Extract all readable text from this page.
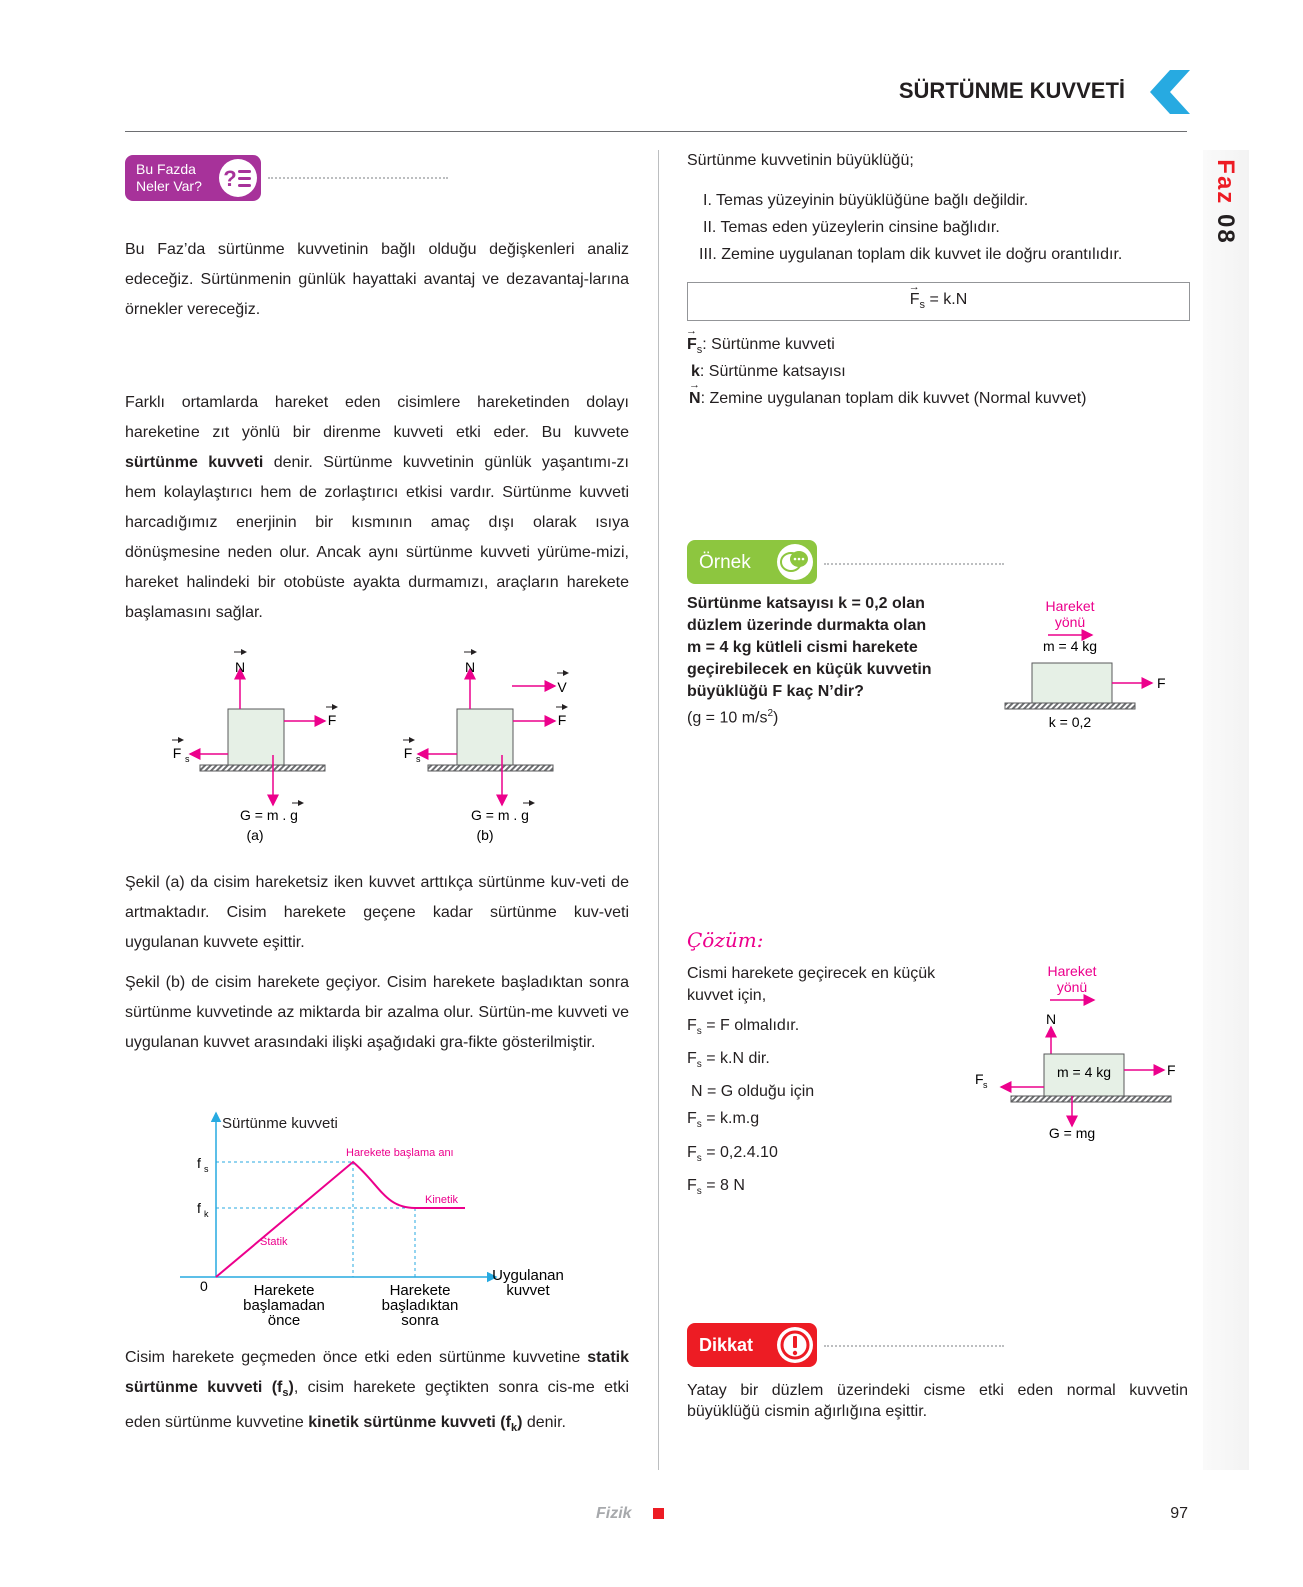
SÜRTÜNME KUVVETİ
Faz 08
Bu Fazda
Neler Var? ?
Bu Faz’da sürtünme kuvvetinin bağlı olduğu değişkenleri analiz edeceğiz. Sürtünmenin günlük hayattaki avantaj ve dezavantaj-larına örnekler vereceğiz.
Farklı ortamlarda hareket eden cisimlere hareketinden dolayı hareketine zıt yönlü bir direnme kuvveti etki eder. Bu kuvvete sürtünme kuvveti denir. Sürtünme kuvvetinin günlük yaşantımı-zı hem kolaylaştırıcı hem de zorlaştırıcı etkisi vardır. Sürtünme kuvveti harcadığımız enerjinin bir kısmının amaç dışı olarak ısıya dönüşmesine neden olur. Ancak aynı sürtünme kuvveti yürüme-mizi, hareket halindeki bir otobüste ayakta durmamızı, araçların harekete başlamasını sağlar.
N
F
F s
G = m . g
(a)
N
V
F
F s
G = m . g
(b)
Şekil (a) da cisim hareketsiz iken kuvvet arttıkça sürtünme kuv-veti de artmaktadır. Cisim harekete geçene kadar sürtünme kuv-veti uygulanan kuvvete eşittir.
Şekil (b) de cisim harekete geçiyor. Cisim harekete başladıktan sonra sürtünme kuvvetinde az miktarda bir azalma olur. Sürtün-me kuvveti ve uygulanan kuvvet arasındaki ilişki aşağıdaki gra-fikte gösterilmiştir.
Sürtünme kuvveti
f s
f k
0
Harekete başlama anı
Kinetik
Statik
Uygulanan
kuvvet
Harekete
başlamadan
önce
Harekete
başladıktan
sonra
Cisim harekete geçmeden önce etki eden sürtünme kuvvetine statik sürtünme kuvveti $(f_s)$, cisim harekete geçtikten sonra cis-me etki eden sürtünme kuvvetine kinetik sürtünme kuvveti $(f_k)$ denir.
Sürtünme kuvvetinin büyüklüğü;
I. Temas yüzeyinin büyüklüğüne bağlı değildir.
II. Temas eden yüzeylerin cinsine bağlıdır.
III. Zemine uygulanan toplam dik kuvvet ile doğru orantılıdır.
→
$F_s = k.N$
→
$F_s$: Sürtünme kuvveti
k: Sürtünme katsayısı
→
N: Zemine uygulanan toplam dik kuvvet (Normal kuvvet)
Örnek
Sürtünme katsayısı k = 0,2 olan
düzlem üzerinde durmakta olan
m = 4 kg kütleli cismi harekete
geçirebilecek en küçük kuvvetin
büyüklüğü F kaç N’dir?
(g = 10 $m/s^2$)
Hareket
yönü
m = 4 kg
F
k = 0,2
Çözüm:
Cismi harekete geçirecek en küçük
kuvvet için,
$F_s = F$ olmalıdır.
$F_s = k.N$ dir.
N = G olduğu için
$F_s = k.m.g$
$F_s = 0,2.4.10$
$F_s = 8$ N
Hareket
yönü
N
m = 4 kg	F
F s
G = mg
Dikkat
Yatay bir düzlem üzerindeki cisme etki eden normal kuvvetin büyüklüğü cismin ağırlığına eşittir.
Fizik	97
